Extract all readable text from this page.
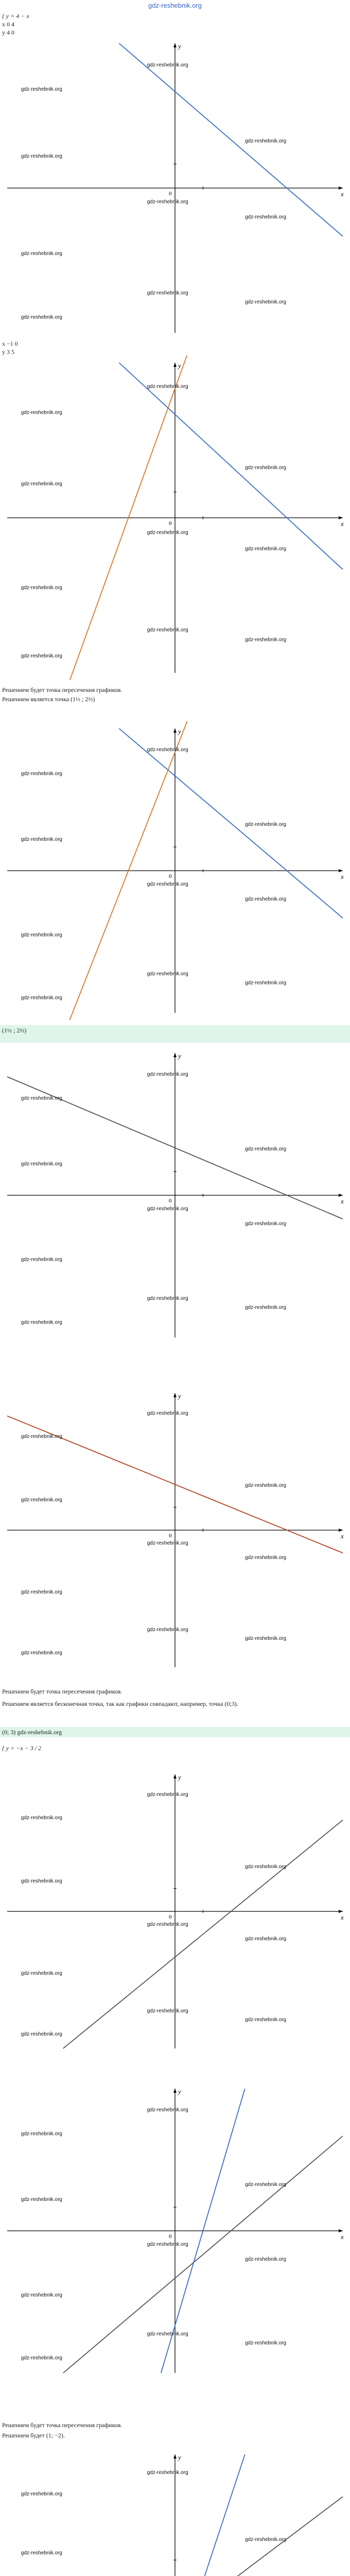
gdz-reshebnik.org
{ y = 4 − x
x 0 4
y 4 0
x
y
0
gdz-reshebnik.org
gdz-reshebnik.org
gdz-reshebnik.org
gdz-reshebnik.org
gdz-reshebnik.org
gdz-reshebnik.org
gdz-reshebnik.org
gdz-reshebnik.org
gdz-reshebnik.org
gdz-reshebnik.org
x −1 0
y 3 5
x
y
0
gdz-reshebnik.org
gdz-reshebnik.org
gdz-reshebnik.org
gdz-reshebnik.org
gdz-reshebnik.org
gdz-reshebnik.org
gdz-reshebnik.org
gdz-reshebnik.org
gdz-reshebnik.org
gdz-reshebnik.org
Решением будет точка пересечения графиков.
Решением является точка (1⅓ ; 2⅔)
x
y
0
gdz-reshebnik.org
gdz-reshebnik.org
gdz-reshebnik.org
gdz-reshebnik.org
gdz-reshebnik.org
gdz-reshebnik.org
gdz-reshebnik.org
gdz-reshebnik.org
gdz-reshebnik.org
gdz-reshebnik.org
(1⅓ ; 2⅔)
x
y
0
gdz-reshebnik.org
gdz-reshebnik.org
gdz-reshebnik.org
gdz-reshebnik.org
gdz-reshebnik.org
gdz-reshebnik.org
gdz-reshebnik.org
gdz-reshebnik.org
gdz-reshebnik.org
gdz-reshebnik.org
x
y
0
gdz-reshebnik.org
gdz-reshebnik.org
gdz-reshebnik.org
gdz-reshebnik.org
gdz-reshebnik.org
gdz-reshebnik.org
gdz-reshebnik.org
gdz-reshebnik.org
gdz-reshebnik.org
gdz-reshebnik.org
Решением будет точка пересечения графиков.
Решением является бесконечная точка, так как графики совпадают, например, точка (0;3).
(0; 3) gdz-reshebnik.org
{ y = −x − 3 / 2
x
y
0
gdz-reshebnik.org
gdz-reshebnik.org
gdz-reshebnik.org
gdz-reshebnik.org
gdz-reshebnik.org
gdz-reshebnik.org
gdz-reshebnik.org
gdz-reshebnik.org
gdz-reshebnik.org
gdz-reshebnik.org
x
y
0
gdz-reshebnik.org
gdz-reshebnik.org
gdz-reshebnik.org
gdz-reshebnik.org
gdz-reshebnik.org
gdz-reshebnik.org
gdz-reshebnik.org
gdz-reshebnik.org
gdz-reshebnik.org
gdz-reshebnik.org
Решением будет точка пересечения графиков.
Решением будет (1; −2).
y
gdz-reshebnik.org
gdz-reshebnik.org
gdz-reshebnik.org
gdz-reshebnik.org
